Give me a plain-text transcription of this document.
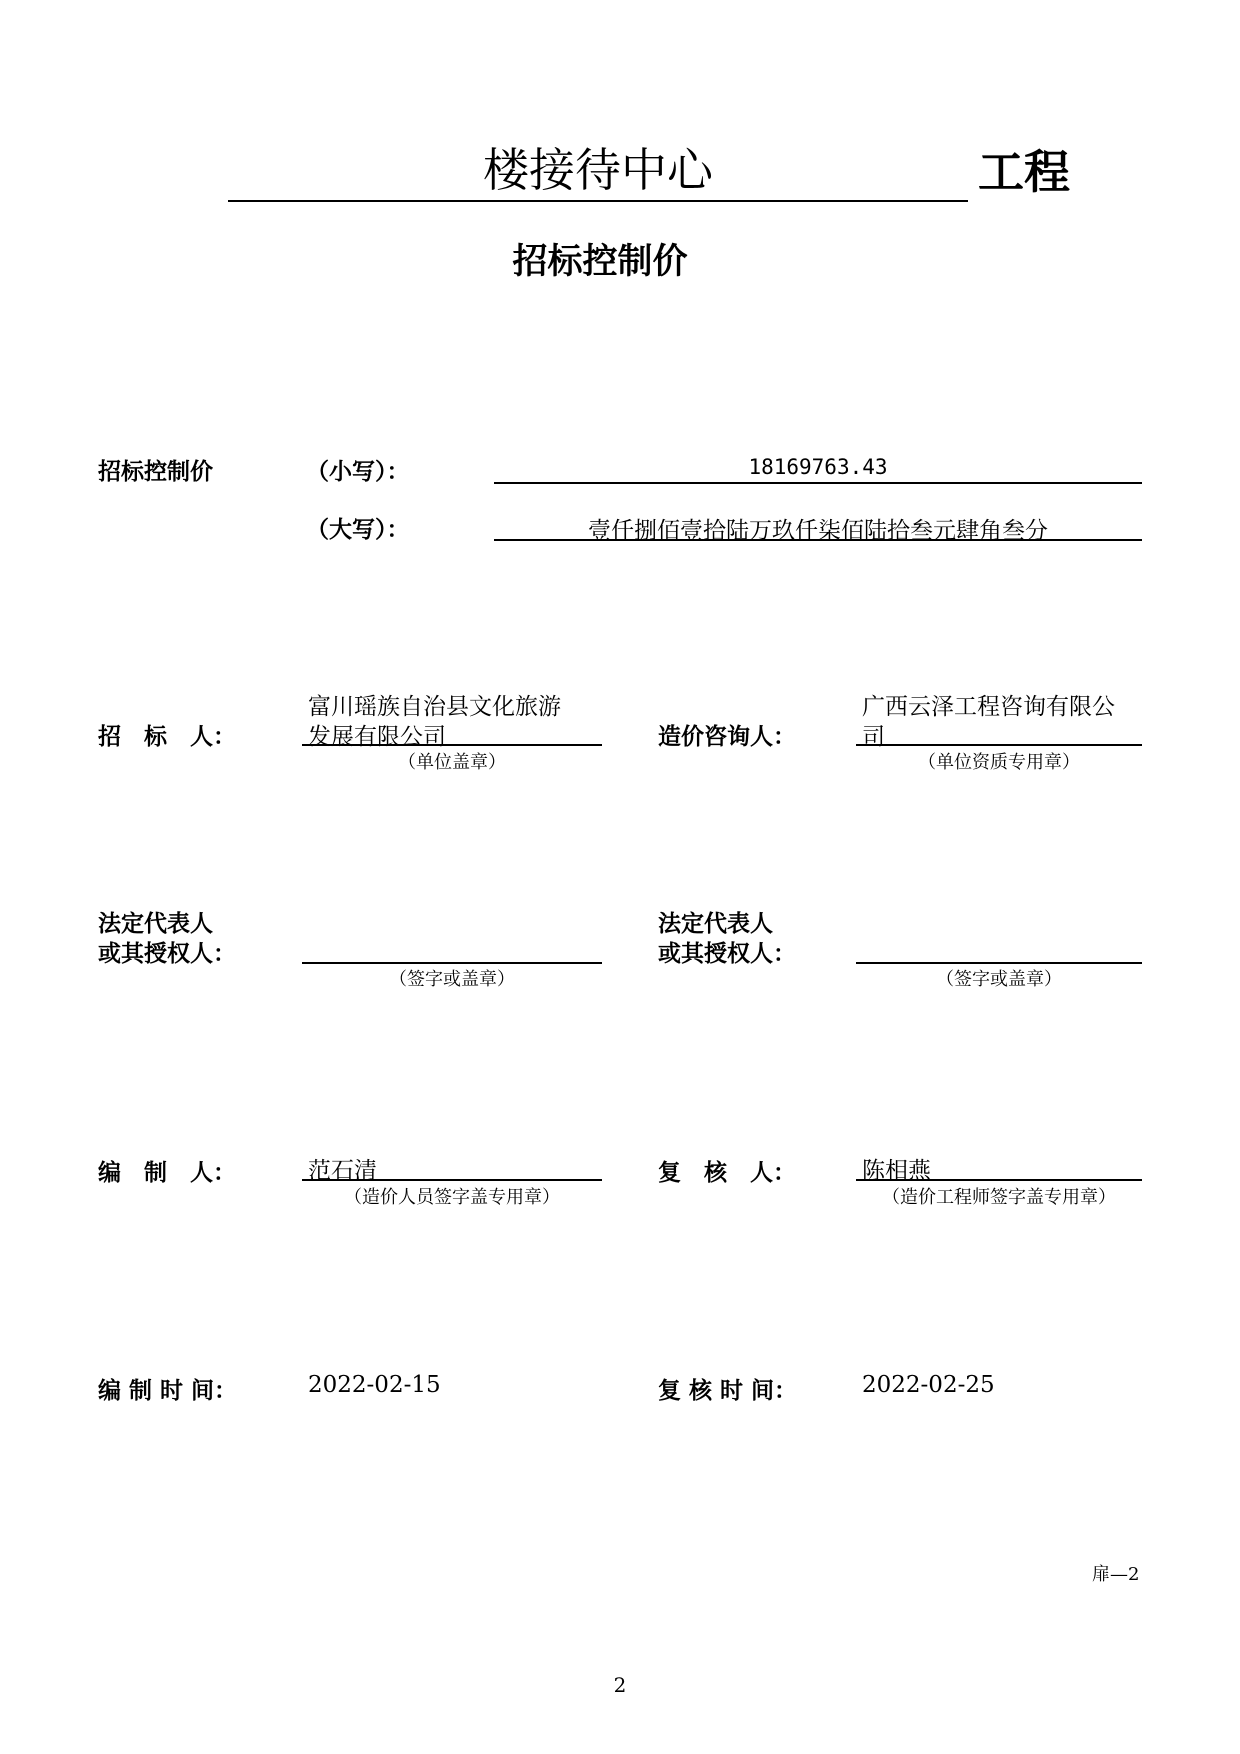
楼接待中心	工程
招标控制价
招标控制价	（小写）：	18169763.43
（大写）：	壹仟捌佰壹拾陆万玖仟柒佰陆拾叁元肆角叁分
招　标　人：
富川瑶族自治县文化旅游
发展有限公司
（单位盖章）
造价咨询人：
广西云泽工程咨询有限公
司
（单位资质专用章）
法定代表人
或其授权人：
（签字或盖章）
法定代表人
或其授权人：
（签字或盖章）
编　制　人：	范石清
（造价人员签字盖专用章）
复　核　人：	陈相燕
（造价工程师签字盖专用章）
编 制 时 间：	2022-02-15	复 核 时 间：	2022-02-25
扉—2
2
